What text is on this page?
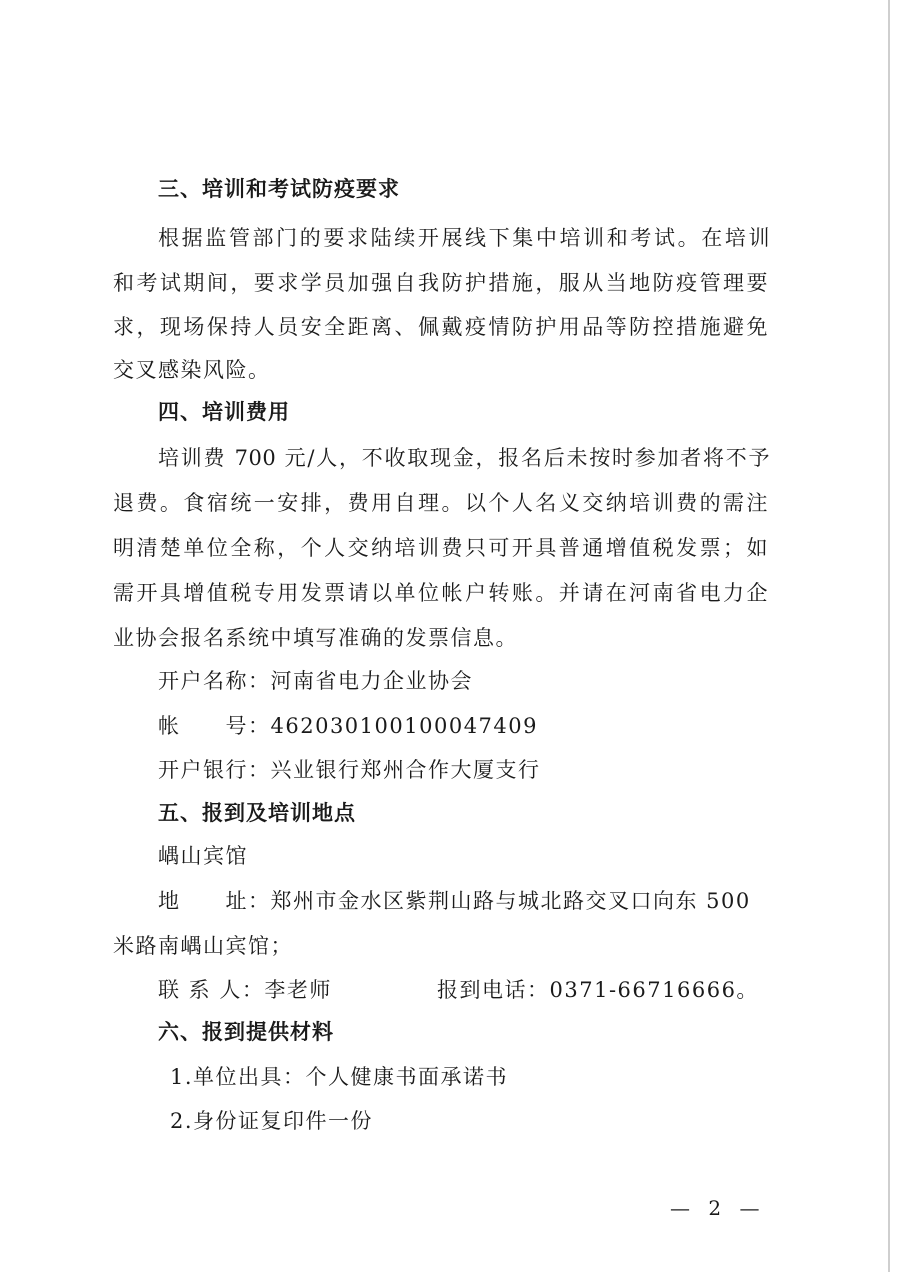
三、培训和考试防疫要求
根据监管部门的要求陆续开展线下集中培训和考试。在培训
和考试期间，要求学员加强自我防护措施，服从当地防疫管理要
求，现场保持人员安全距离、佩戴疫情防护用品等防控措施避免
交叉感染风险。
四、培训费用
培训费 700 元/人，不收取现金，报名后未按时参加者将不予
退费。食宿统一安排，费用自理。以个人名义交纳培训费的需注
明清楚单位全称，个人交纳培训费只可开具普通增值税发票；如
需开具增值税专用发票请以单位帐户转账。并请在河南省电力企
业协会报名系统中填写准确的发票信息。
开户名称：河南省电力企业协会
帐　　号：46203010010004​7409
开户银行：兴业银行郑州合作大厦支行
五、报到及培训地点
嵎山宾馆
地　　址：郑州市金水区紫荆山路与城北路交叉口向东 500
米路南嵎山宾馆；
联 系 人：李老师	报到电话：0371-66716666。
六、报到提供材料
1.单位出具：个人健康书面承诺书
2.身份证复印件一份
— 2 —
